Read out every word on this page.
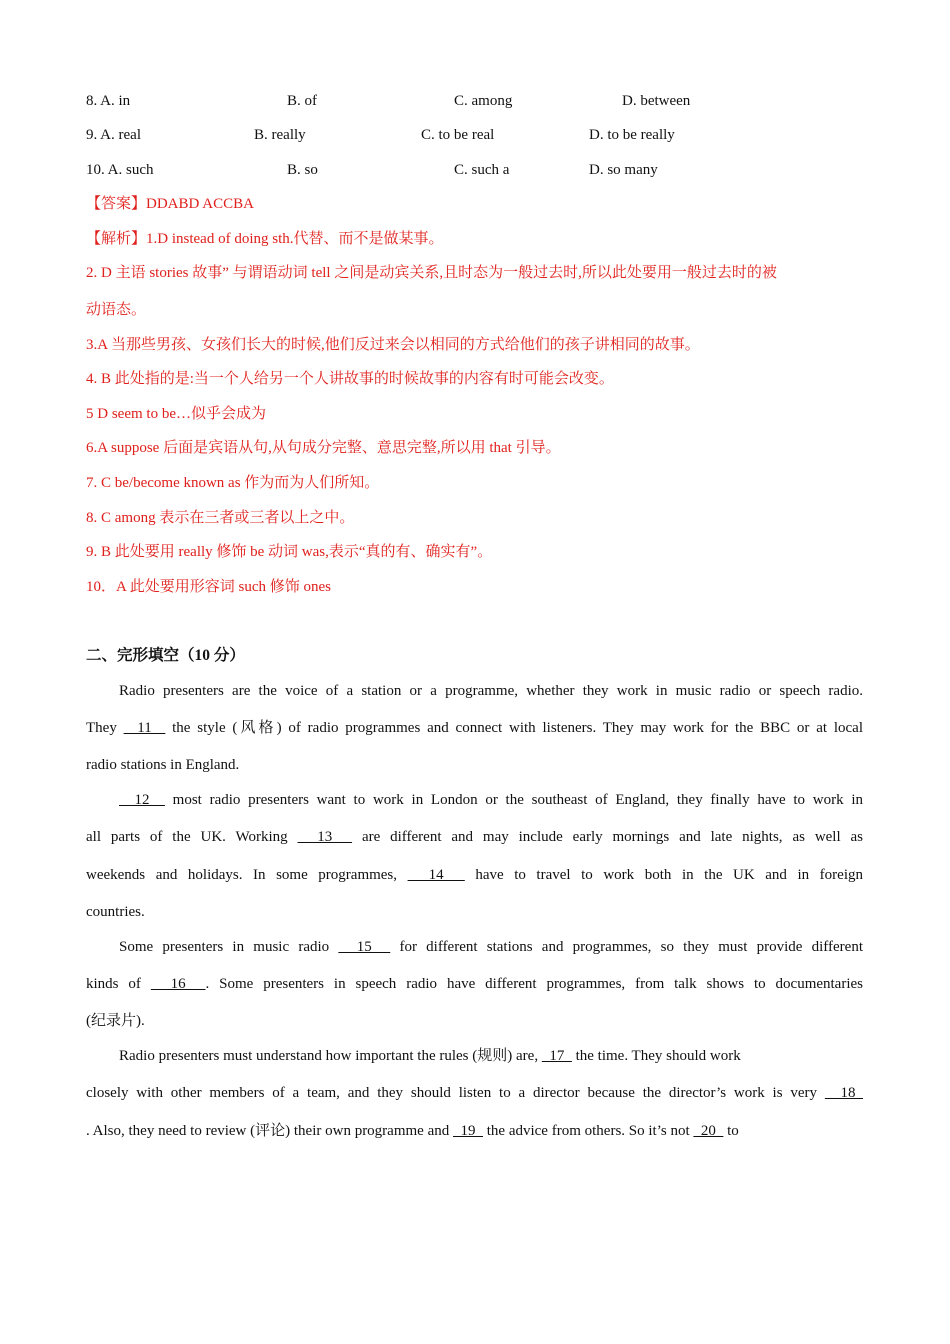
8. A. in	B. of	C. among	D. between
9. A. real	B. really	C. to be real	D. to be really
10. A. such	B. so	C. such a	D. so many
【答案】DDABD ACCBA
【解析】1.D instead of doing sth.代替、而不是做某事。
2. D 主语 stories 故事” 与谓语动词 tell 之间是动宾关系,且时态为一般过去时,所以此处要用一般过去时的被
动语态。
3.A 当那些男孩、女孩们长大的时候,他们反过来会以相同的方式给他们的孩子讲相同的故事。
4. B 此处指的是:当一个人给另一个人讲故事的时候故事的内容有时可能会改变。
5 D seem to be…似乎会成为
6.A suppose 后面是宾语从句,从句成分完整、意思完整,所以用 that 引导。
7. C be/become known as 作为而为人们所知。
8. C among 表示在三者或三者以上之中。
9. B 此处要用 really 修饰 be 动词 was,表示“真的有、确实有”。
10．A 此处要用形容词 such 修饰 ones
二、完形填空（10 分）
Radio presenters are the voice of a station or a programme, whether they work in music radio or speech radio.
They   11   the style (风格) of radio programmes and connect with listeners. They may work for the BBC or at local
radio stations in England.
12   most radio presenters want to work in London or the southeast of England, they finally have to work in
all parts of the UK. Working   13   are different and may include early mornings and late nights, as well as
weekends and holidays. In some programmes,   14   have to travel to work both in the UK and in foreign
countries.
Some presenters in music radio   15   for different stations and programmes, so they must provide different
kinds of   16  . Some presenters in speech radio have different programmes, from talk shows to documentaries
(纪录片).
Radio presenters must understand how important the rules (规则) are,   17   the time. They should work
closely with other members of a team, and they should listen to a director because the director’s work is very   18
. Also, they need to review (评论) their own programme and   19   the advice from others. So it’s not   20   to
